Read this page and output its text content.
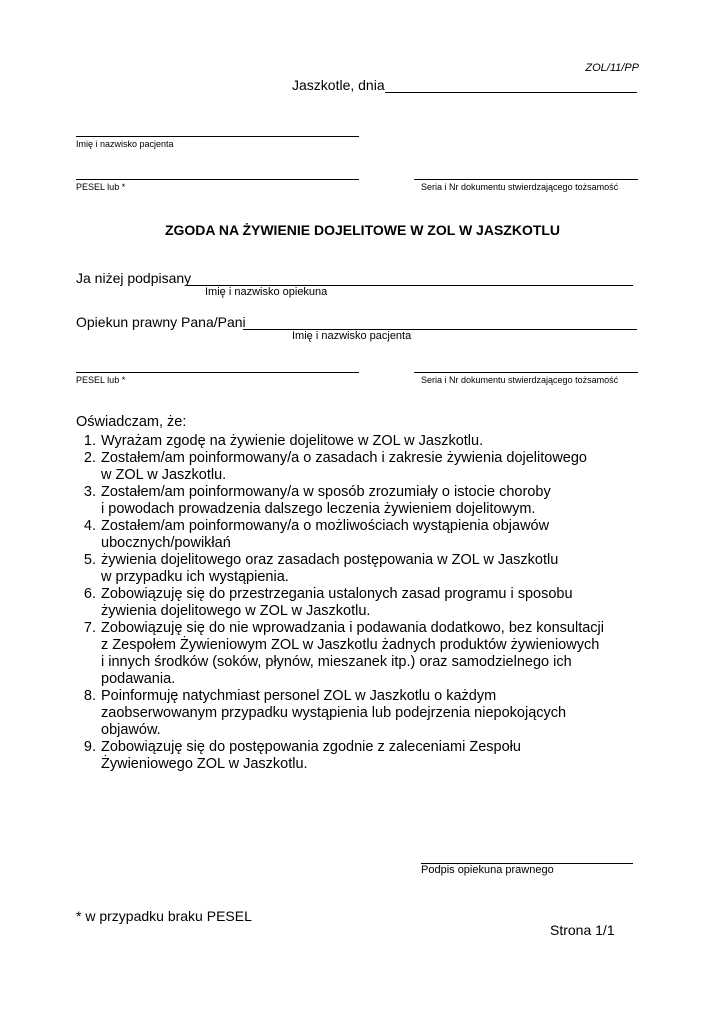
ZOL/11/PP
Jaszkotle, dnia
Imię i nazwisko pacjenta
PESEL lub *	Seria i Nr dokumentu stwierdzającego tożsamość
ZGODA NA ŻYWIENIE DOJELITOWE W ZOL W JASZKOTLU
Ja niżej podpisany
Imię i nazwisko opiekuna
Opiekun prawny Pana/Pani
Imię i nazwisko pacjenta
PESEL lub *	Seria i Nr dokumentu stwierdzającego tożsamość
Oświadczam, że:
1. Wyrażam zgodę na żywienie dojelitowe w ZOL w Jaszkotlu.
2. Zostałem/am poinformowany/a o zasadach i zakresie żywienia dojelitowego
w ZOL w Jaszkotlu.
3. Zostałem/am poinformowany/a w sposób zrozumiały o istocie choroby
i powodach prowadzenia dalszego leczenia żywieniem dojelitowym.
4. Zostałem/am poinformowany/a o możliwościach wystąpienia objawów
ubocznych/powikłań
5. żywienia dojelitowego oraz zasadach postępowania w ZOL w Jaszkotlu
w przypadku ich wystąpienia.
6. Zobowiązuję się do przestrzegania ustalonych zasad programu i sposobu
żywienia dojelitowego w ZOL w Jaszkotlu.
7. Zobowiązuję się do nie wprowadzania i podawania dodatkowo, bez konsultacji
z Zespołem Żywieniowym ZOL w Jaszkotlu żadnych produktów żywieniowych
i innych środków (soków, płynów, mieszanek itp.) oraz samodzielnego ich
podawania.
8. Poinformuję natychmiast personel ZOL w Jaszkotlu o każdym
zaobserwowanym przypadku wystąpienia lub podejrzenia niepokojących
objawów.
9. Zobowiązuję się do postępowania zgodnie z zaleceniami Zespołu
Żywieniowego ZOL w Jaszkotlu.
Podpis opiekuna prawnego
* w przypadku braku PESEL
Strona 1/1
